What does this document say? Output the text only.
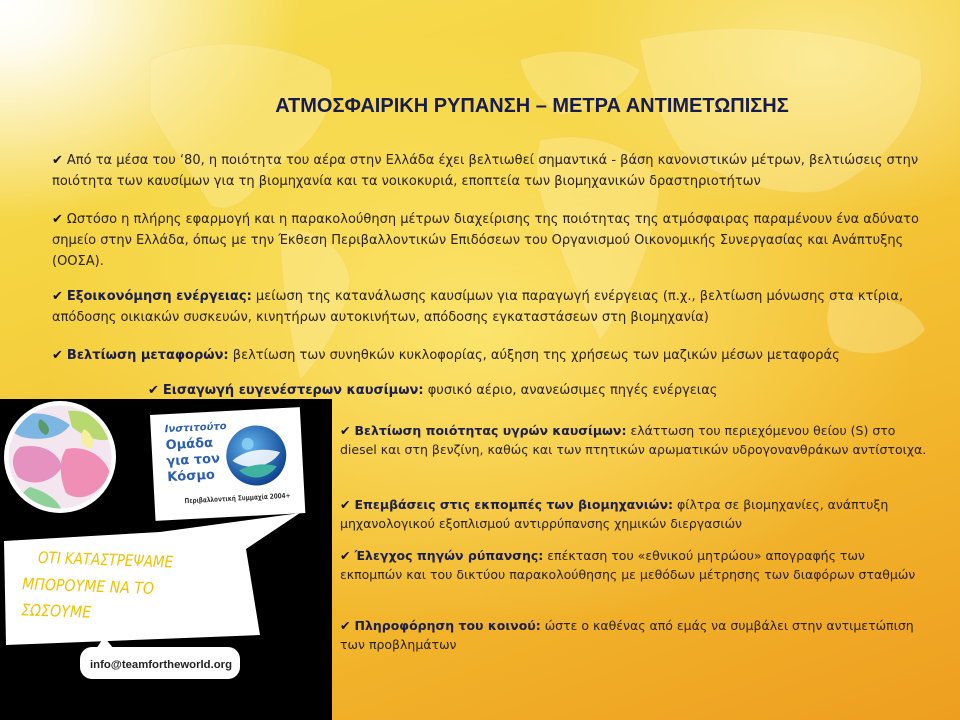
ΑΤΜΟΣΦΑΙΡΙΚΗ ΡΥΠΑΝΣΗ – ΜΕΤΡΑ ΑΝΤΙΜΕΤΩΠΙΣΗΣ
✔ Από τα μέσα του ‘80, η ποιότητα του αέρα στην Ελλάδα έχει βελτιωθεί σημαντικά - βάση κανονιστικών μέτρων, βελτιώσεις στην ποιότητα των καυσίμων για τη βιομηχανία και τα νοικοκυριά, εποπτεία των βιομηχανικών δραστηριοτήτων
✔ Ωστόσο η πλήρης εφαρμογή και η παρακολούθηση μέτρων διαχείρισης της ποιότητας της ατμόσφαιρας παραμένουν ένα αδύνατο σημείο στην Ελλάδα, όπως με την Έκθεση Περιβαλλοντικών Επιδόσεων του Οργανισμού Οικονομικής Συνεργασίας και Ανάπτυξης (ΟΟΣΑ).
✔ Εξοικονόμηση ενέργειας: μείωση της κατανάλωσης καυσίμων για παραγωγή ενέργειας (π.χ., βελτίωση μόνωσης στα κτίρια, απόδοσης οικιακών συσκευών, κινητήρων αυτοκινήτων, απόδοσης εγκαταστάσεων στη βιομηχανία)
✔ Βελτίωση μεταφορών: βελτίωση των συνηθκών κυκλοφορίας, αύξηση της χρήσεως των μαζικών μέσων μεταφοράς
✔ Εισαγωγή ευγενέστερων καυσίμων: φυσικό αέριο, ανανεώσιμες πηγές ενέργειας
✔ Βελτίωση ποιότητας υγρών καυσίμων: ελάττωση του περιεχόμενου θείου (S) στο diesel και στη βενζίνη, καθώς και των πτητικών αρωματικών υδρογονανθράκων αντίστοιχα.
✔ Επεμβάσεις στις εκπομπές των βιομηχανιών: φίλτρα σε βιομηχανίες, ανάπτυξη μηχανολογικού εξοπλισμού αντιρρύπανσης χημικών διεργασιών
✔ Έλεγχος πηγών ρύπανσης: επέκταση του «εθνικού μητρώου» απογραφής των εκπομπών και του δικτύου παρακολούθησης με μεθόδων μέτρησης των διαφόρων σταθμών
✔ Πληροφόρηση του κοινού: ώστε ο καθένας από εμάς να συμβάλει στην αντιμετώπιση των προβλημάτων
Ινστιτούτο
Ομάδα
για τον
Κόσμο
Περιβαλλοντική Συμμαχία 2004+
ΟΤΙ ΚΑΤΑΣΤΡΕΨΑΜΕ
ΜΠΟΡΟΥΜΕ ΝΑ ΤΟ
ΣΩΣΟΥΜΕ
info@teamfortheworld.org
